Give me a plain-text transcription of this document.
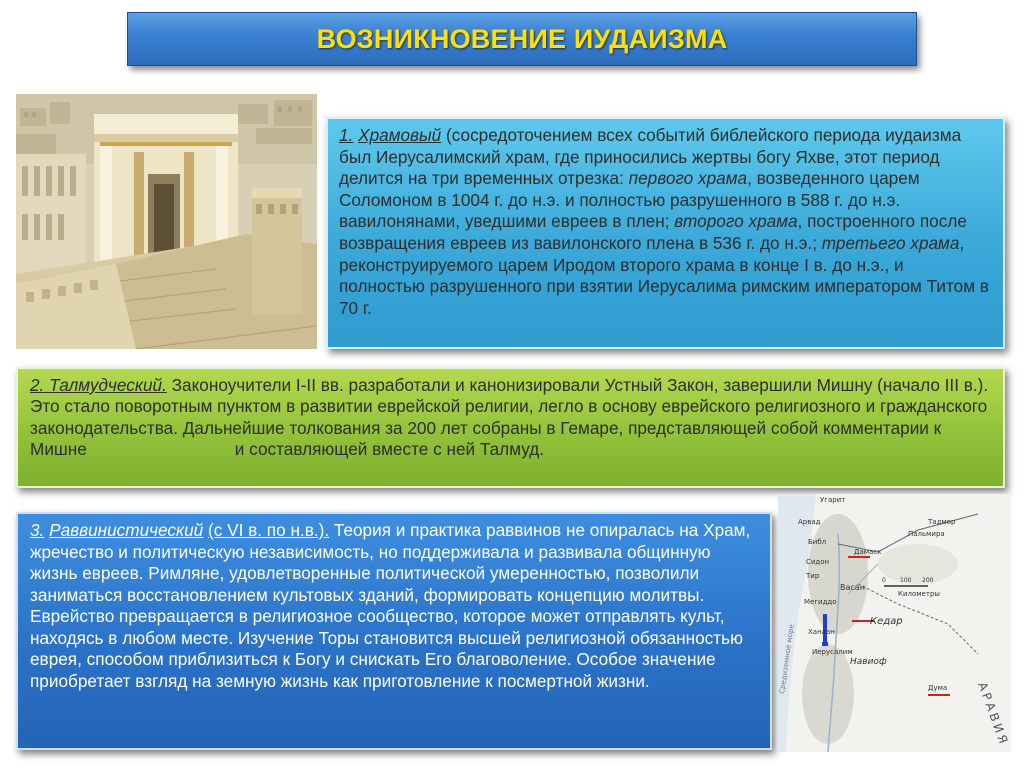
ВОЗНИКНОВЕНИЕ ИУДАИЗМА

1. Храмовый (сосредоточением всех событий библейского периода иудаизма был Иерусалимский храм, где приносились жертвы богу Яхве, этот период делится на три временных отрезка: первого храма, возведенного царем Соломоном в 1004 г. до н.э. и полностью разрушенного в 588 г. до н.э. вавилонянами, уведшими евреев в плен; второго храма, построенного после возвращения евреев из вавилонского плена в 536 г. до н.э.; третьего храма, реконструируемого царем Иродом второго храма в конце I в. до н.э., и полностью разрушенного при взятии Иерусалима римским императором Титом в 70 г.

2. Талмудческий. Законоучители I-II вв. разработали и канонизировали Устный Закон, завершили Мишну (начало III в.). Это стало поворотным пунктом в развитии еврейской религии, легло в основу еврейского религиозного и гражданского законодательства. Дальнейшие толкования за 200 лет собраны в Гемаре, представляющей собой комментарии к Мишне	и составляющей вместе с ней Талмуд.

3. Раввинистический (с VI в. по н.в.). Теория и практика раввинов не опиралась на Храм, жречество и политическую независимость, но поддерживала и развивала общинную жизнь евреев. Римляне, удовлетворенные политической умеренностью, позволили заниматься восстановлением культовых зданий, формировать концепцию молитвы. Еврейство превращается в религиозное сообщество, которое может отправлять культ, находясь в любом месте. Изучение Торы становится высшей религиозной обязанностью еврея, способом приблизиться к Богу и снискать Его благоволение. Особое значение приобретает взгляд на земную жизнь как приготовление к посмертной жизни.

0 100 200
Угарит
Арвад
Библ
Дамаск
Тадмор
Пальмира
Сидон
Тир
Мегиддо
Васан
Километры
Кедар
Навиоф
Дума
Иерусалим
Ханаан
АРАВИЯ
Средиземное море
